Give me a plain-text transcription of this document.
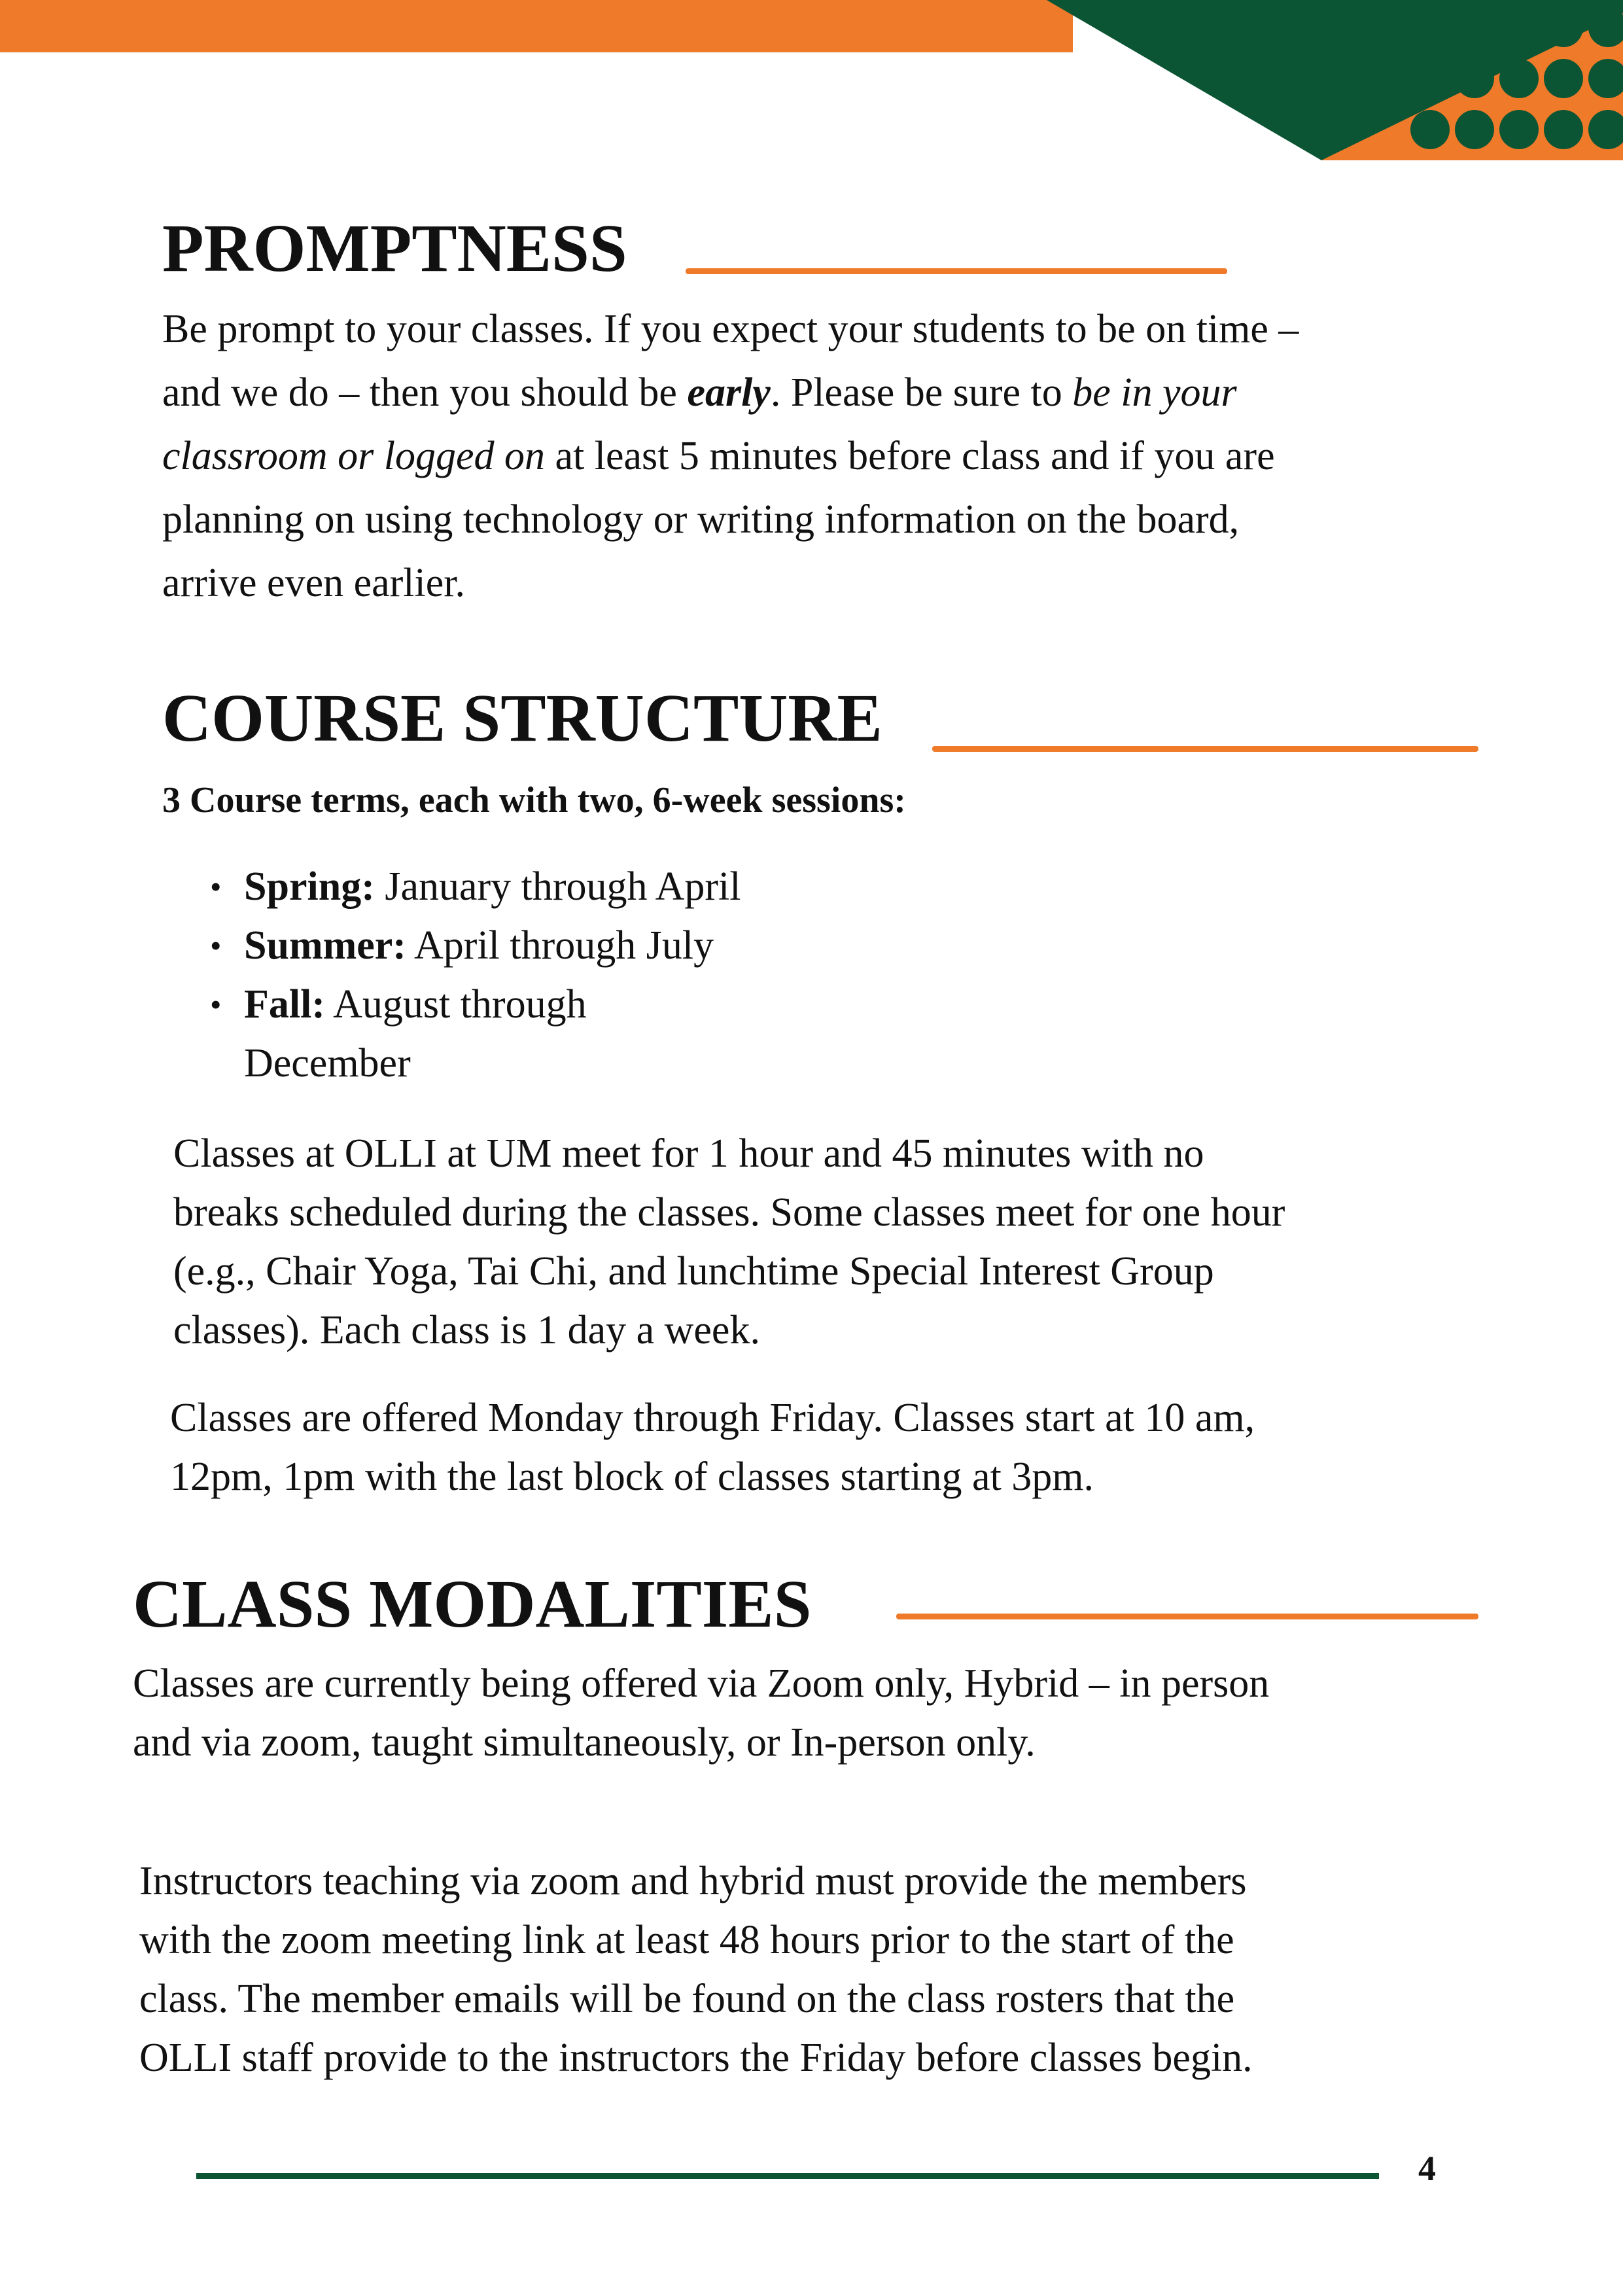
PROMPTNESS
Be prompt to your classes. If you expect your students to be on time –
and we do – then you should be early. Please be sure to be in your
classroom or logged on at least 5 minutes before class and if you are
planning on using technology or writing information on the board,
arrive even earlier.
COURSE STRUCTURE
3 Course terms, each with two, 6-week sessions:
• Spring: January through April
• Summer: April through July
• Fall: August through
December
Classes at OLLI at UM meet for 1 hour and 45 minutes with no
breaks scheduled during the classes. Some classes meet for one hour
(e.g., Chair Yoga, Tai Chi, and lunchtime Special Interest Group
classes). Each class is 1 day a week.
Classes are offered Monday through Friday. Classes start at 10 am,
12pm, 1pm with the last block of classes starting at 3pm.
CLASS MODALITIES
Classes are currently being offered via Zoom only, Hybrid – in person
and via zoom, taught simultaneously, or In-person only.
Instructors teaching via zoom and hybrid must provide the members
with the zoom meeting link at least 48 hours prior to the start of the
class. The member emails will be found on the class rosters that the
OLLI staff provide to the instructors the Friday before classes begin.
4
